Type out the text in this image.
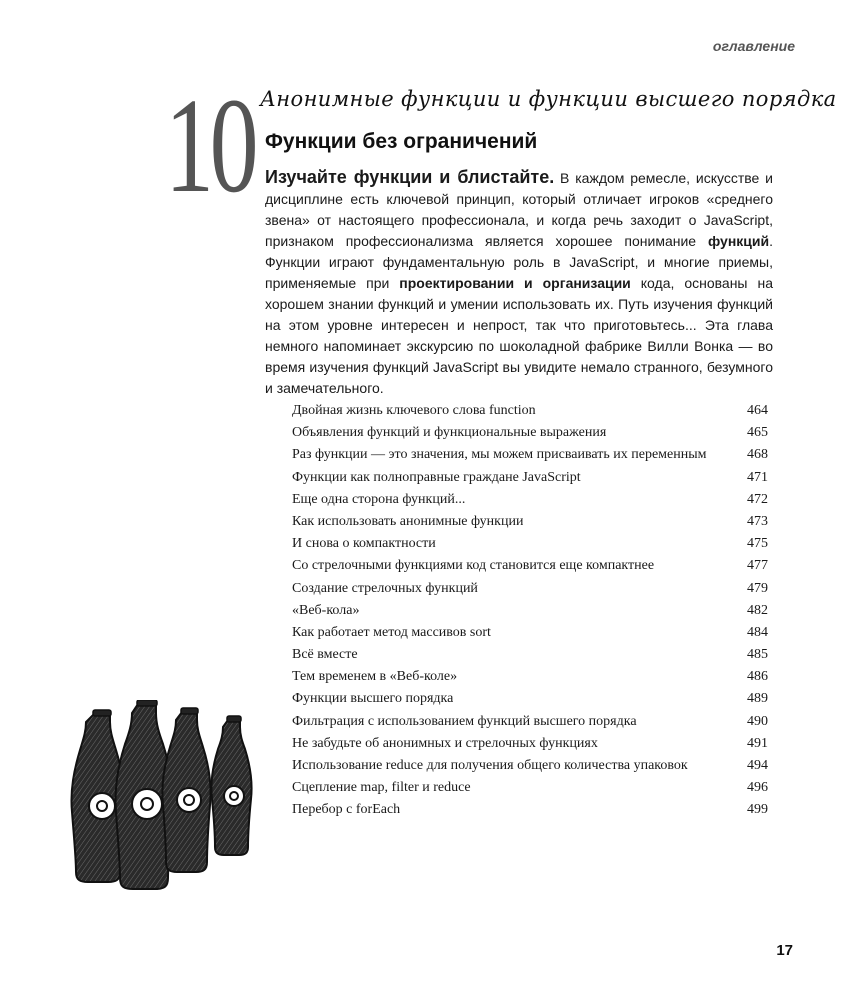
оглавление
10 Анонимные функции и функции высшего порядка
Функции без ограничений
Изучайте функции и блистайте. В каждом ремесле, искусстве и дисциплине есть ключевой принцип, который отличает игроков «среднего звена» от настоящего профессионала, и когда речь заходит о JavaScript, признаком профессионализма является хорошее понимание функций. Функции играют фундаментальную роль в JavaScript, и многие приемы, применяемые при проектировании и организации кода, основаны на хорошем знании функций и умении использовать их. Путь изучения функций на этом уровне интересен и непрост, так что приготовьтесь... Эта глава немного напоминает экскурсию по шоколадной фабрике Вилли Вонка — во время изучения функций JavaScript вы увидите немало странного, безумного и замечательного.
Двойная жизнь ключевого слова function	464
Объявления функций и функциональные выражения	465
Раз функции — это значения, мы можем присваивать их переменным	468
Функции как полноправные граждане JavaScript	471
Еще одна сторона функций...	472
Как использовать анонимные функции	473
И снова о компактности	475
Со стрелочными функциями код становится еще компактнее	477
Создание стрелочных функций	479
«Веб-кола»	482
Как работает метод массивов sort	484
Всё вместе	485
Тем временем в «Веб-коле»	486
Функции высшего порядка	489
Фильтрация с использованием функций высшего порядка	490
Не забудьте об анонимных и стрелочных функциях	491
Использование reduce для получения общего количества упаковок	494
Сцепление map, filter и reduce	496
Перебор с forEach	499
17
